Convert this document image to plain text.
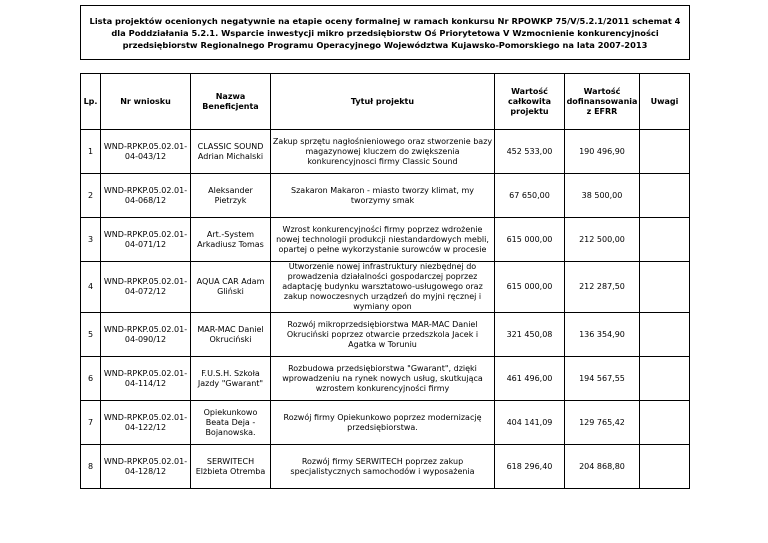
Lista projektów ocenionych negatywnie na etapie oceny formalnej w ramach konkursu Nr RPOWKP 75/V/5.2.1/2011 schemat 4 dla Poddziałania 5.2.1. Wsparcie inwestycji mikro przedsiębiorstw Oś Priorytetowa V Wzmocnienie konkurencyjności przedsiębiorstw Regionalnego Programu Operacyjnego Województwa Kujawsko-Pomorskiego na lata 2007-2013						

Lp.	Nr wniosku	Nazwa Beneficjenta	Tytuł projektu	Wartość całkowita projektu	Wartość dofinansowania z EFRR	Uwagi
1	WND-RPKP.05.02.01-04-043/12	CLASSIC SOUND Adrian Michalski	Zakup sprzętu nagłośnieniowego oraz stworzenie bazy magazynowej kluczem do zwiększenia konkurencyjnosci firmy Classic Sound	452 533,00	190 496,90	
2	WND-RPKP.05.02.01-04-068/12	Aleksander Pietrzyk	Szakaron Makaron - miasto tworzy klimat, my tworzymy smak	67 650,00	38 500,00	
3	WND-RPKP.05.02.01-04-071/12	Art.-System Arkadiusz Tomas	Wzrost konkurencyjności firmy poprzez wdrożenie nowej technologii produkcji niestandardowych mebli, opartej o pełne wykorzystanie surowców w procesie	615 000,00	212 500,00	
4	WND-RPKP.05.02.01-04-072/12	AQUA CAR Adam Gliński	Utworzenie nowej infrastruktury niezbędnej do prowadzenia działalności gospodarczej poprzez adaptację budynku warsztatowo-usługowego oraz zakup nowoczesnych urządzeń do myjni ręcznej i wymiany opon	615 000,00	212 287,50	
5	WND-RPKP.05.02.01-04-090/12	MAR-MAC Daniel Okruciński	Rozwój mikroprzedsiębiorstwa MAR-MAC Daniel Okruciński poprzez otwarcie przedszkola Jacek i Agatka w Toruniu	321 450,08	136 354,90	
6	WND-RPKP.05.02.01-04-114/12	F.U.S.H. Szkoła Jazdy "Gwarant"	Rozbudowa przedsiębiorstwa "Gwarant", dzięki wprowadzeniu na rynek nowych usług, skutkująca wzrostem konkurencyjności firmy	461 496,00	194 567,55	
7	WND-RPKP.05.02.01-04-122/12	Opiekunkowo Beata Deja -Bojanowska.	Rozwój firmy Opiekunkowo poprzez modernizację przedsiębiorstwa.	404 141,09	129 765,42	
8	WND-RPKP.05.02.01-04-128/12	SERWITECH Elżbieta Otremba	Rozwój firmy SERWITECH poprzez zakup specjalistycznych samochodów i wyposażenia	618 296,40	204 868,80	
